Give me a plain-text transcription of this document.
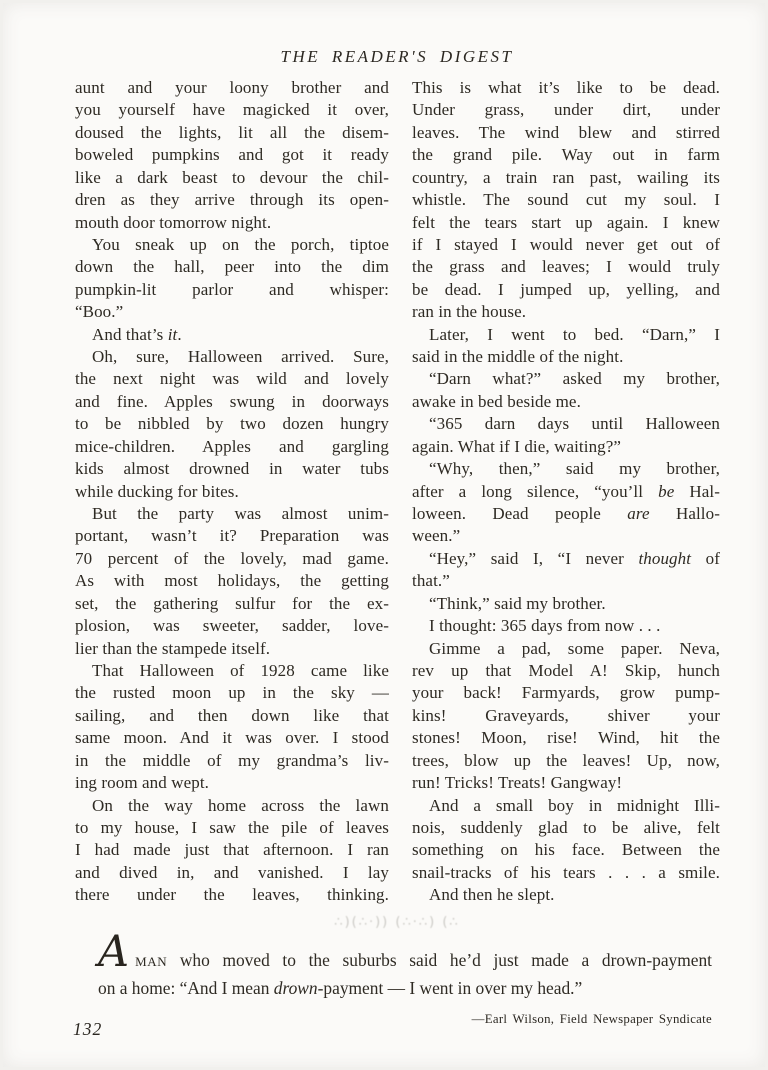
THE READER'S DIGEST
aunt and your loony brother and
you yourself have magicked it over,
doused the lights, lit all the disem-
boweled pumpkins and got it ready
like a dark beast to devour the chil-
dren as they arrive through its open-
mouth door tomorrow night.
You sneak up on the porch, tiptoe
down the hall, peer into the dim
pumpkin-lit parlor and whisper:
“Boo.”
And that’s it.
Oh, sure, Halloween arrived. Sure,
the next night was wild and lovely
and fine. Apples swung in doorways
to be nibbled by two dozen hungry
mice-children. Apples and gargling
kids almost drowned in water tubs
while ducking for bites.
But the party was almost unim-
portant, wasn’t it? Preparation was
70 percent of the lovely, mad game.
As with most holidays, the getting
set, the gathering sulfur for the ex-
plosion, was sweeter, sadder, love-
lier than the stampede itself.
That Halloween of 1928 came like
the rusted moon up in the sky —
sailing, and then down like that
same moon. And it was over. I stood
in the middle of my grandma’s liv-
ing room and wept.
On the way home across the lawn
to my house, I saw the pile of leaves
I had made just that afternoon. I ran
and dived in, and vanished. I lay
there under the leaves, thinking.
This is what it’s like to be dead.
Under grass, under dirt, under
leaves. The wind blew and stirred
the grand pile. Way out in farm
country, a train ran past, wailing its
whistle. The sound cut my soul. I
felt the tears start up again. I knew
if I stayed I would never get out of
the grass and leaves; I would truly
be dead. I jumped up, yelling, and
ran in the house.
Later, I went to bed. “Darn,” I
said in the middle of the night.
“Darn what?” asked my brother,
awake in bed beside me.
“365 darn days until Halloween
again. What if I die, waiting?”
“Why, then,” said my brother,
after a long silence, “you’ll be Hal-
loween. Dead people are Hallo-
ween.”
“Hey,” said I, “I never thought of
that.”
“Think,” said my brother.
I thought: 365 days from now . . .
Gimme a pad, some paper. Neva,
rev up that Model A! Skip, hunch
your back! Farmyards, grow pump-
kins! Graveyards, shiver your
stones! Moon, rise! Wind, hit the
trees, blow up the leaves! Up, now,
run! Tricks! Treats! Gangway!
And a small boy in midnight Illi-
nois, suddenly glad to be alive, felt
something on his face. Between the
snail-tracks of his tears . . . a smile.
And then he slept.
∴)(∴·)) (∴·∴) (∴
AMAN who moved to the suburbs said he’d just made a drown-payment
on a home: “And I mean drown-payment — I went in over my head.”
—Earl Wilson, Field Newspaper Syndicate
132
